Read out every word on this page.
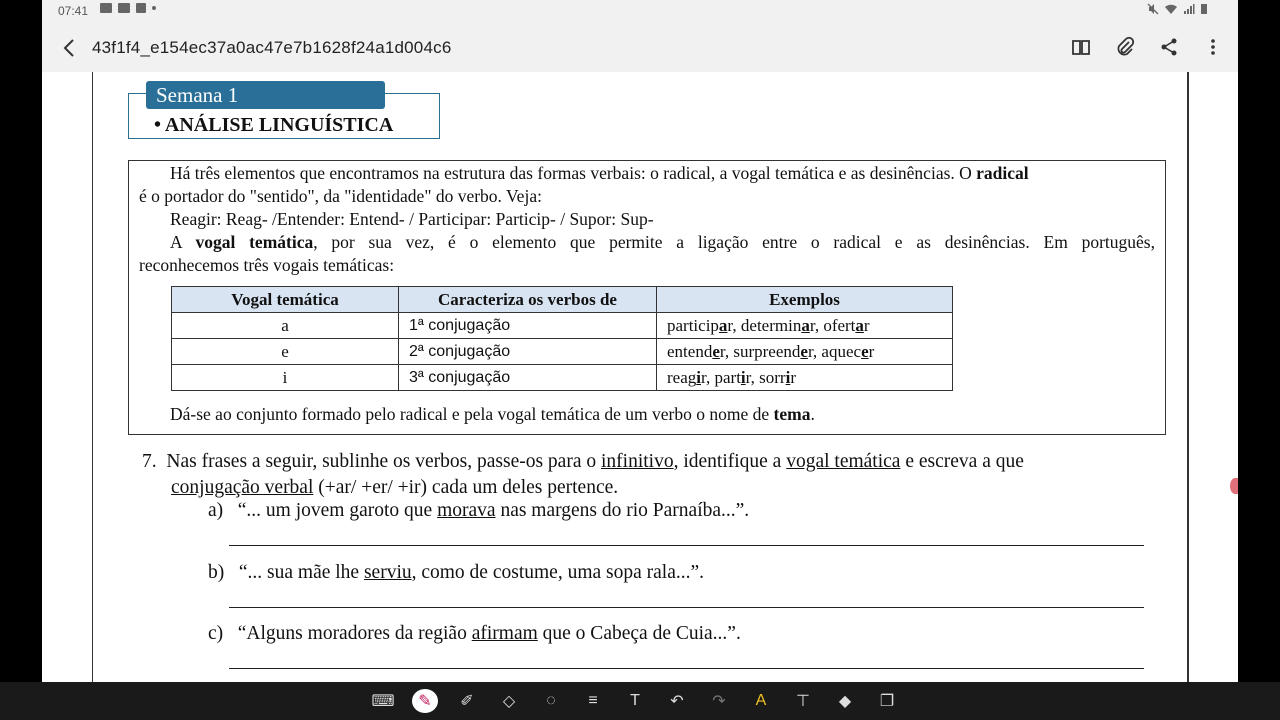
07:41
43f1f4_e154ec37a0ac47e7b1628f24a1d004c6
Semana 1
• ANÁLISE LINGUÍSTICA
Há três elementos que encontramos na estrutura das formas verbais: o radical, a vogal temática e as desinências. O radical
é o portador do "sentido", da "identidade" do verbo. Veja:
Reagir: Reag- /Entender: Entend- / Participar: Particip- / Supor: Sup-
A vogal temática, por sua vez, é o elemento que permite a ligação entre o radical e as desinências. Em português,
reconhecemos três vogais temáticas:
Vogal temática	Caracteriza os verbos de	Exemplos
a	1ª conjugação	participar, determinar, ofertar
e	2ª conjugação	entender, surpreender, aquecer
i	3ª conjugação	reagir, partir, sorrir
Dá-se ao conjunto formado pelo radical e pela vogal temática de um verbo o nome de tema.
7. Nas frases a seguir, sublinhe os verbos, passe-os para o infinitivo, identifique a vogal temática e escreva a que
conjugação verbal (+ar/ +er/ +ir) cada um deles pertence.
a) “... um jovem garoto que morava nas margens do rio Parnaíba...”.
b) “... sua mãe lhe serviu, como de costume, uma sopa rala...”.
c) “Alguns moradores da região afirmam que o Cabeça de Cuia...”.
⌨	✎	✐	◇	◌	≡	T	↶	↷	A	⊤	◆	❐
